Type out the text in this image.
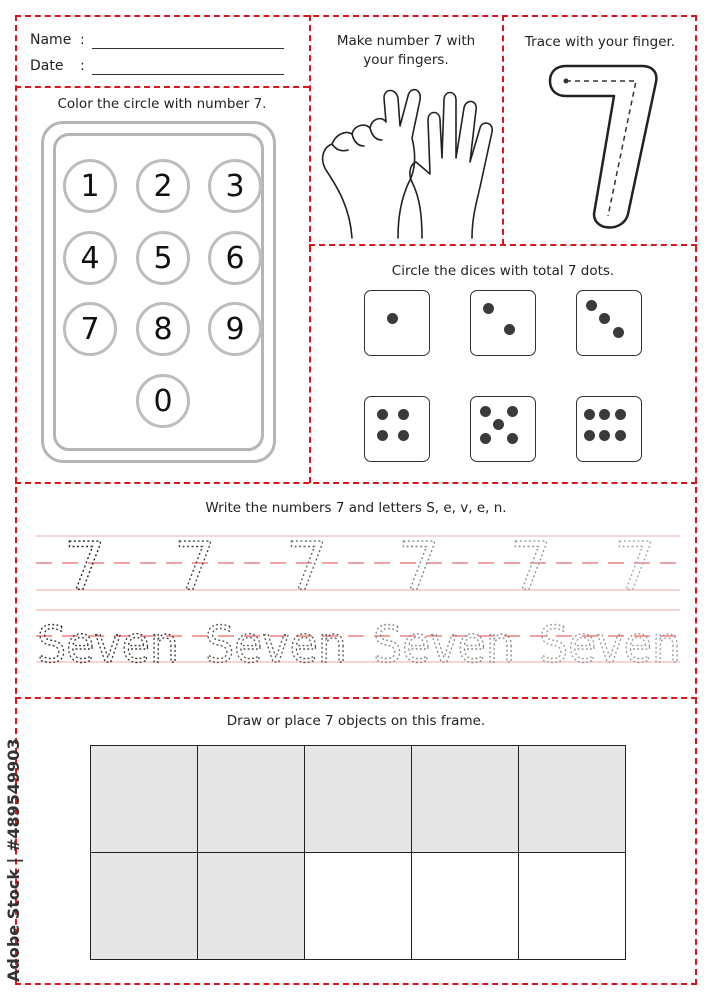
Name :
Date :
Make number 7 with your fingers.
Trace with your finger.
Color the circle with number 7.
1	2	3
4	5	6
7	8	9
0
Circle the dices with total 7 dots.
Write the numbers 7 and letters S, e, v, e, n.
7 7 7 7 7 7
Seven Seven Seven Seven
Draw or place 7 objects on this frame.
Adobe Stock | #489549903
